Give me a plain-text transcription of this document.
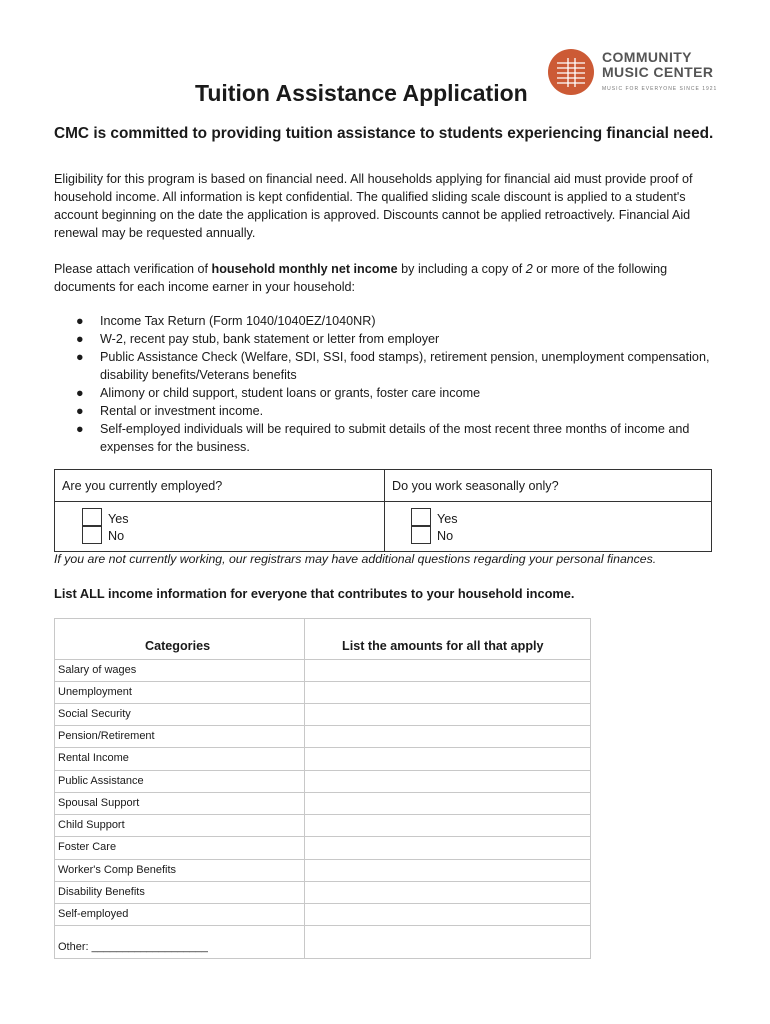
Tuition Assistance Application
COMMUNITY
MUSIC CENTER
MUSIC FOR EVERYONE SINCE 1921
CMC is committed to providing tuition assistance to students experiencing financial need.
Eligibility for this program is based on financial need. All households applying for financial aid must provide proof of household income. All information is kept confidential. The qualified sliding scale discount is applied to a student's account beginning on the date the application is approved. Discounts cannot be applied retroactively. Financial Aid renewal may be requested annually.
Please attach verification of household monthly net income by including a copy of 2 or more of the following documents for each income earner in your household:
● Income Tax Return (Form 1040/1040EZ/1040NR)
● W-2, recent pay stub, bank statement or letter from employer
● Public Assistance Check (Welfare, SDI, SSI, food stamps), retirement pension, unemployment compensation, disability benefits/Veterans benefits
● Alimony or child support, student loans or grants, foster care income
● Rental or investment income.
● Self-employed individuals will be required to submit details of the most recent three months of income and expenses for the business.
Are you currently employed?	Do you work seasonally only?
Yes
No
Yes
No
If you are not currently working, our registrars may have additional questions regarding your personal finances.
List ALL income information for everyone that contributes to your household income.
Categories	List the amounts for all that apply
Salary of wages
Unemployment
Social Security
Pension/Retirement
Rental Income
Public Assistance
Spousal Support
Child Support
Foster Care
Worker's Comp Benefits
Disability Benefits
Self-employed
Other: ___________________
